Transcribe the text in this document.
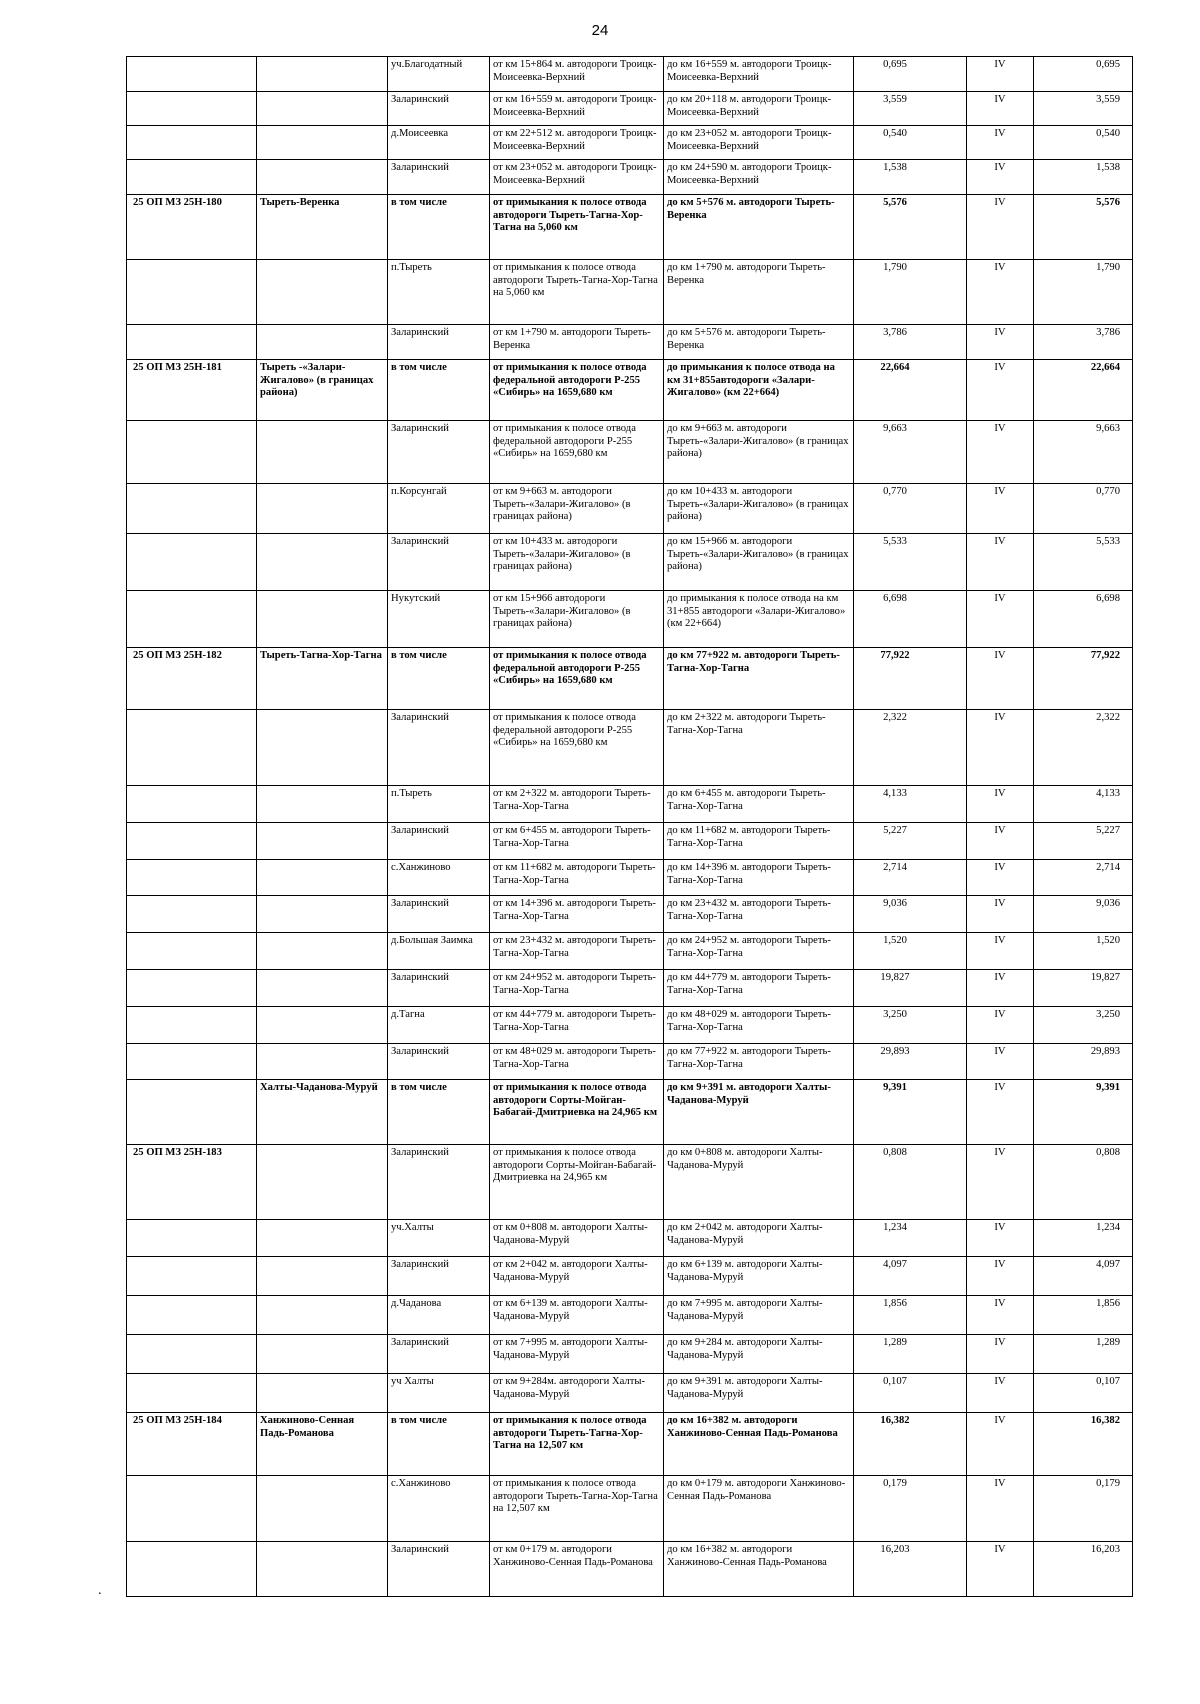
24
.
		уч.Благодатный	от км 15+864 м. автодороги Троицк-Моисеевка-Верхний	до км 16+559 м. автодороги Троицк-Моисеевка-Верхний	0,695	IV	0,695
		Заларинский	от км 16+559 м. автодороги Троицк-Моисеевка-Верхний	до км 20+118 м. автодороги Троицк-Моисеевка-Верхний	3,559	IV	3,559
		д.Моисеевка	от км 22+512 м. автодороги Троицк-Моисеевка-Верхний	до км 23+052 м. автодороги Троицк-Моисеевка-Верхний	0,540	IV	0,540
		Заларинский	от км 23+052 м. автодороги Троицк-Моисеевка-Верхний	до км 24+590 м. автодороги Троицк-Моисеевка-Верхний	1,538	IV	1,538
25 ОП МЗ 25Н-180	Тыреть-Веренка	в том числе	от примыкания к полосе отвода автодороги Тыреть-Тагна-Хор-Тагна на 5,060 км	до км 5+576 м. автодороги Тыреть-Веренка	5,576	IV	5,576
		п.Тыреть	от примыкания к полосе отвода автодороги Тыреть-Тагна-Хор-Тагна на 5,060 км	до км 1+790 м. автодороги Тыреть-Веренка	1,790	IV	1,790
		Заларинский	от км 1+790 м. автодороги Тыреть-Веренка	до км 5+576 м. автодороги Тыреть-Веренка	3,786	IV	3,786
25 ОП МЗ 25Н-181	Тыреть -«Залари-Жигалово» (в границах района)	в том числе	от примыкания к полосе отвода федеральной автодороги Р-255 «Сибирь» на 1659,680 км	до примыкания к полосе отвода на км 31+855автодороги «Залари-Жигалово» (км 22+664)	22,664	IV	22,664
		Заларинский	от примыкания к полосе отвода федеральной автодороги Р-255 «Сибирь» на 1659,680 км	до км 9+663 м. автодороги Тыреть-«Залари-Жигалово» (в границах района)	9,663	IV	9,663
		п.Корсунгай	от км 9+663 м. автодороги Тыреть-«Залари-Жигалово» (в границах района)	до км 10+433 м. автодороги Тыреть-«Залари-Жигалово» (в границах района)	0,770	IV	0,770
		Заларинский	от км 10+433 м. автодороги Тыреть-«Залари-Жигалово» (в границах района)	до км 15+966 м. автодороги Тыреть-«Залари-Жигалово» (в границах района)	5,533	IV	5,533
		Нукутский	от км 15+966 автодороги Тыреть-«Залари-Жигалово» (в границах района)	до примыкания к полосе отвода на км 31+855 автодороги «Залари-Жигалово» (км 22+664)	6,698	IV	6,698
25 ОП МЗ 25Н-182	Тыреть-Тагна-Хор-Тагна	в том числе	от примыкания к полосе отвода федеральной автодороги Р-255 «Сибирь» на 1659,680 км	до км 77+922 м. автодороги Тыреть-Тагна-Хор-Тагна	77,922	IV	77,922
		Заларинский	от примыкания к полосе отвода федеральной автодороги Р-255 «Сибирь» на 1659,680 км	до км 2+322 м. автодороги Тыреть-Тагна-Хор-Тагна	2,322	IV	2,322
		п.Тыреть	от км 2+322 м. автодороги Тыреть-Тагна-Хор-Тагна	до км 6+455 м. автодороги Тыреть-Тагна-Хор-Тагна	4,133	IV	4,133
		Заларинский	от км 6+455 м. автодороги Тыреть-Тагна-Хор-Тагна	до км 11+682 м. автодороги Тыреть-Тагна-Хор-Тагна	5,227	IV	5,227
		с.Ханжиново	от км 11+682 м. автодороги Тыреть-Тагна-Хор-Тагна	до км 14+396 м. автодороги Тыреть-Тагна-Хор-Тагна	2,714	IV	2,714
		Заларинский	от км 14+396 м. автодороги Тыреть-Тагна-Хор-Тагна	до км 23+432 м. автодороги Тыреть-Тагна-Хор-Тагна	9,036	IV	9,036
		д.Большая Заимка	от км 23+432 м. автодороги Тыреть-Тагна-Хор-Тагна	до км 24+952 м. автодороги Тыреть-Тагна-Хор-Тагна	1,520	IV	1,520
		Заларинский	от км 24+952 м. автодороги Тыреть-Тагна-Хор-Тагна	до км 44+779 м. автодороги Тыреть-Тагна-Хор-Тагна	19,827	IV	19,827
		д.Тагна	от км 44+779 м. автодороги Тыреть-Тагна-Хор-Тагна	до км 48+029 м. автодороги Тыреть-Тагна-Хор-Тагна	3,250	IV	3,250
		Заларинский	от км 48+029 м. автодороги Тыреть-Тагна-Хор-Тагна	до км 77+922 м. автодороги Тыреть-Тагна-Хор-Тагна	29,893	IV	29,893
	Халты-Чаданова-Муруй	в том числе	от примыкания к полосе отвода автодороги Сорты-Мойган-Бабагай-Дмитриевка на 24,965 км	до км 9+391 м. автодороги Халты-Чаданова-Муруй	9,391	IV	9,391
25 ОП МЗ 25Н-183		Заларинский	от примыкания к полосе отвода автодороги Сорты-Мойган-Бабагай-Дмитриевка на 24,965 км	до км 0+808 м. автодороги Халты-Чаданова-Муруй	0,808	IV	0,808
		уч.Халты	от км 0+808 м. автодороги Халты-Чаданова-Муруй	до км 2+042 м. автодороги Халты-Чаданова-Муруй	1,234	IV	1,234
		Заларинский	от км 2+042 м. автодороги Халты-Чаданова-Муруй	до км 6+139 м. автодороги Халты-Чаданова-Муруй	4,097	IV	4,097
		д.Чаданова	от км 6+139 м. автодороги Халты-Чаданова-Муруй	до км 7+995 м. автодороги Халты-Чаданова-Муруй	1,856	IV	1,856
		Заларинский	от км 7+995 м. автодороги Халты-Чаданова-Муруй	до км 9+284 м. автодороги Халты-Чаданова-Муруй	1,289	IV	1,289
		уч Халты	от км 9+284м. автодороги Халты-Чаданова-Муруй	до км 9+391 м. автодороги Халты-Чаданова-Муруй	0,107	IV	0,107
25 ОП МЗ 25Н-184	Ханжиново-Сенная Падь-Романова	в том числе	от примыкания к полосе отвода автодороги Тыреть-Тагна-Хор-Тагна на 12,507 км	до км 16+382 м. автодороги Ханжиново-Сенная Падь-Романова	16,382	IV	16,382
		с.Ханжиново	от примыкания к полосе отвода автодороги Тыреть-Тагна-Хор-Тагна на 12,507 км	до км 0+179 м. автодороги Ханжиново-Сенная Падь-Романова	0,179	IV	0,179
		Заларинский	от км 0+179 м. автодороги Ханжиново-Сенная Падь-Романова	до км 16+382 м. автодороги Ханжиново-Сенная Падь-Романова	16,203	IV	16,203
